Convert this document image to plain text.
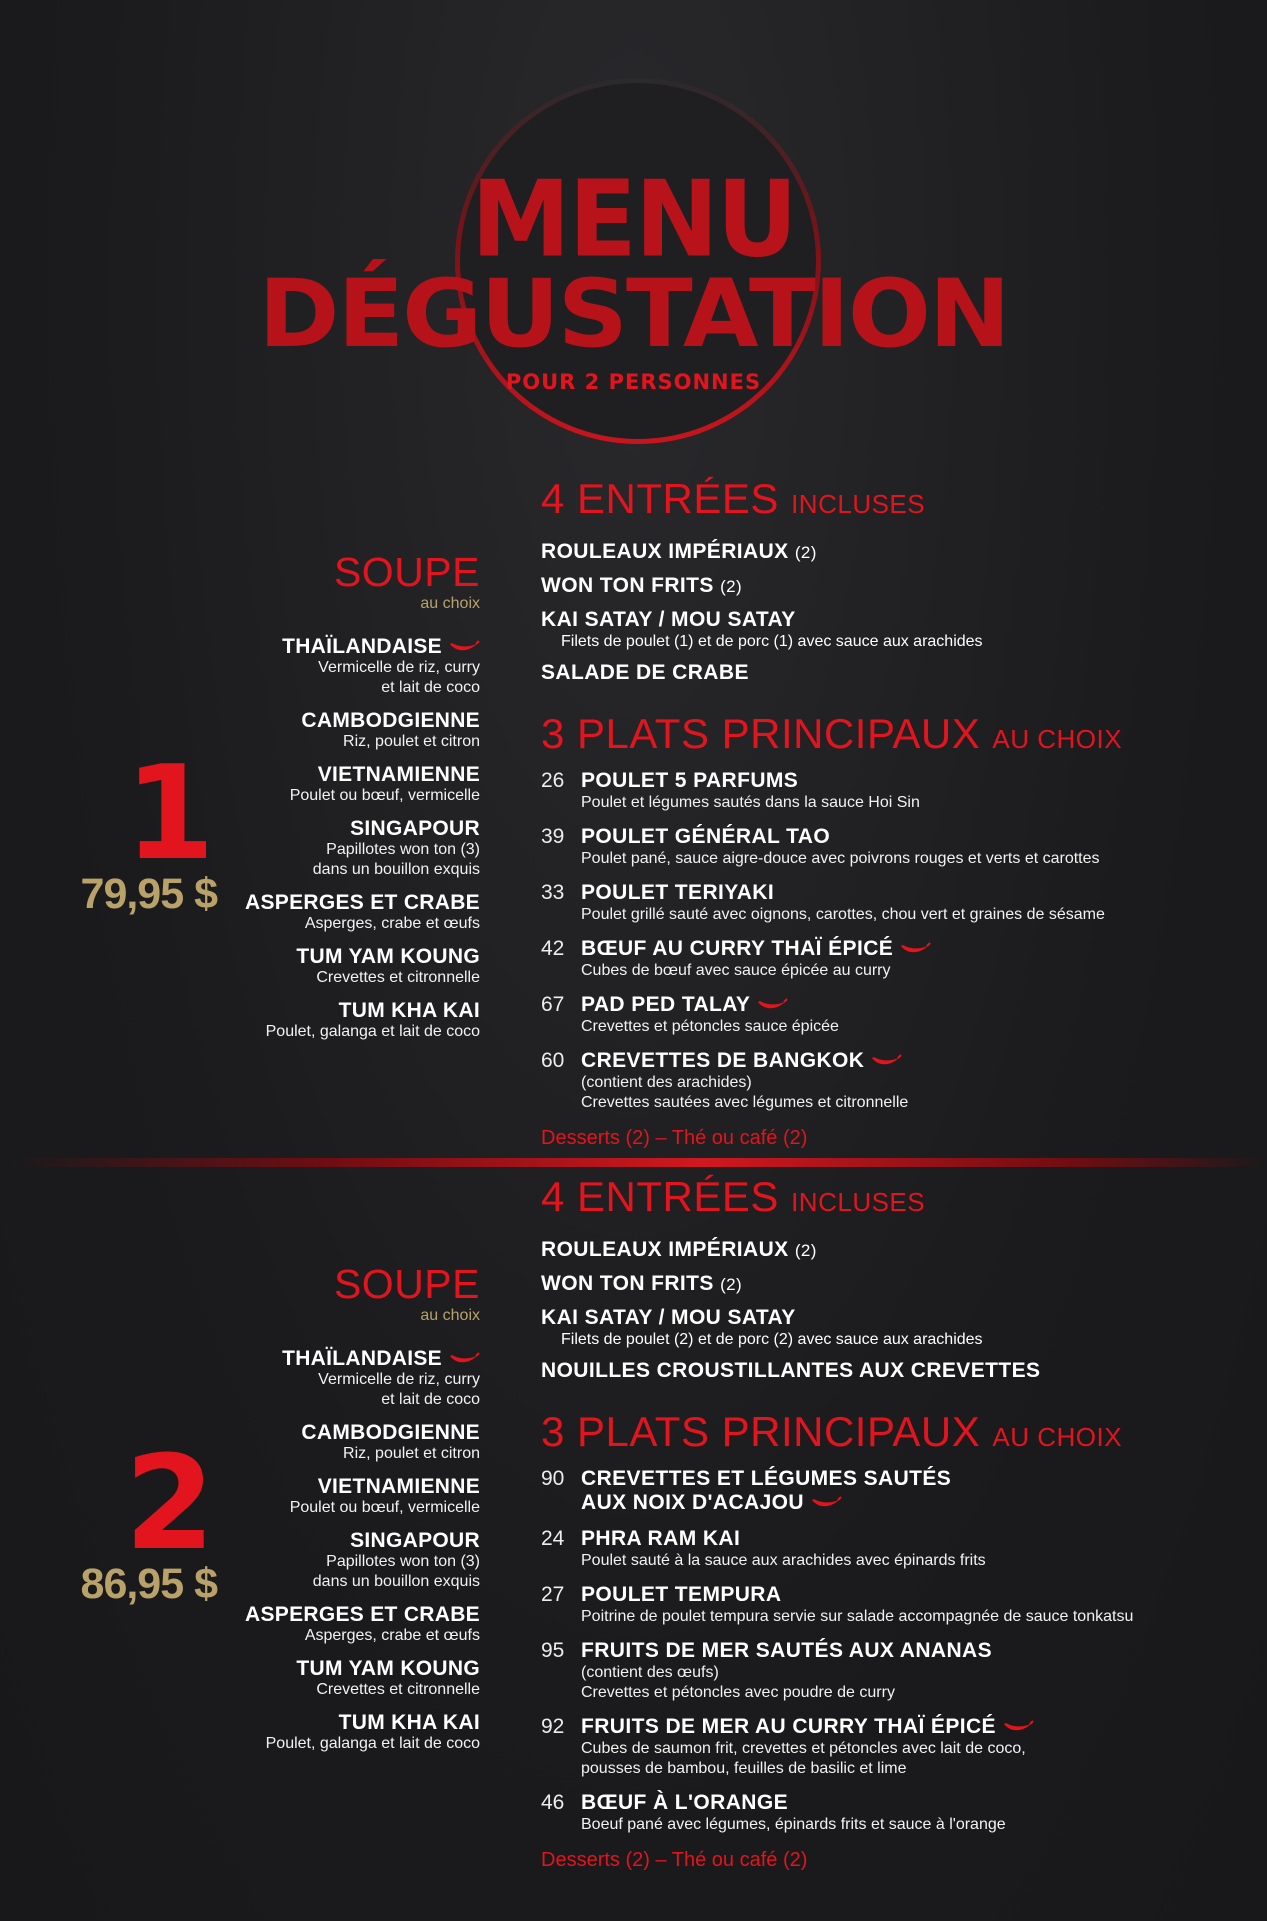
MENU
DÉGUSTATION
POUR 2 PERSONNES
1
79,95 $
SOUPE
au choix
THAÏLANDAISE
Vermicelle de riz, curry
et lait de coco
CAMBODGIENNE
Riz, poulet et citron
VIETNAMIENNE
Poulet ou bœuf, vermicelle
SINGAPOUR
Papillotes won ton (3)
dans un bouillon exquis
ASPERGES ET CRABE
Asperges, crabe et œufs
TUM YAM KOUNG
Crevettes et citronnelle
TUM KHA KAI
Poulet, galanga et lait de coco
4 ENTRÉES INCLUSES
ROULEAUX IMPÉRIAUX (2)
WON TON FRITS (2)
KAI SATAY / MOU SATAY
Filets de poulet (1) et de porc (1) avec sauce aux arachides
SALADE DE CRABE
3 PLATS PRINCIPAUX AU CHOIX
26 POULET 5 PARFUMS
Poulet et légumes sautés dans la sauce Hoi Sin
39 POULET GÉNÉRAL TAO
Poulet pané, sauce aigre-douce avec poivrons rouges et verts et carottes
33 POULET TERIYAKI
Poulet grillé sauté avec oignons, carottes, chou vert et graines de sésame
42 BŒUF AU CURRY THAÏ ÉPICÉ
Cubes de bœuf avec sauce épicée au curry
67 PAD PED TALAY
Crevettes et pétoncles sauce épicée
60 CREVETTES DE BANGKOK
(contient des arachides)
Crevettes sautées avec légumes et citronnelle
Desserts (2) – Thé ou café (2)
2
86,95 $
SOUPE
au choix
THAÏLANDAISE
Vermicelle de riz, curry
et lait de coco
CAMBODGIENNE
Riz, poulet et citron
VIETNAMIENNE
Poulet ou bœuf, vermicelle
SINGAPOUR
Papillotes won ton (3)
dans un bouillon exquis
ASPERGES ET CRABE
Asperges, crabe et œufs
TUM YAM KOUNG
Crevettes et citronnelle
TUM KHA KAI
Poulet, galanga et lait de coco
4 ENTRÉES INCLUSES
ROULEAUX IMPÉRIAUX (2)
WON TON FRITS (2)
KAI SATAY / MOU SATAY
Filets de poulet (2) et de porc (2) avec sauce aux arachides
NOUILLES CROUSTILLANTES AUX CREVETTES
3 PLATS PRINCIPAUX AU CHOIX
90 CREVETTES ET LÉGUMES SAUTÉS
AUX NOIX D'ACAJOU
24 PHRA RAM KAI
Poulet sauté à la sauce aux arachides avec épinards frits
27 POULET TEMPURA
Poitrine de poulet tempura servie sur salade accompagnée de sauce tonkatsu
95 FRUITS DE MER SAUTÉS AUX ANANAS
(contient des œufs)
Crevettes et pétoncles avec poudre de curry
92 FRUITS DE MER AU CURRY THAÏ ÉPICÉ
Cubes de saumon frit, crevettes et pétoncles avec lait de coco,
pousses de bambou, feuilles de basilic et lime
46 BŒUF À L'ORANGE
Boeuf pané avec légumes, épinards frits et sauce à l'orange
Desserts (2) – Thé ou café (2)
